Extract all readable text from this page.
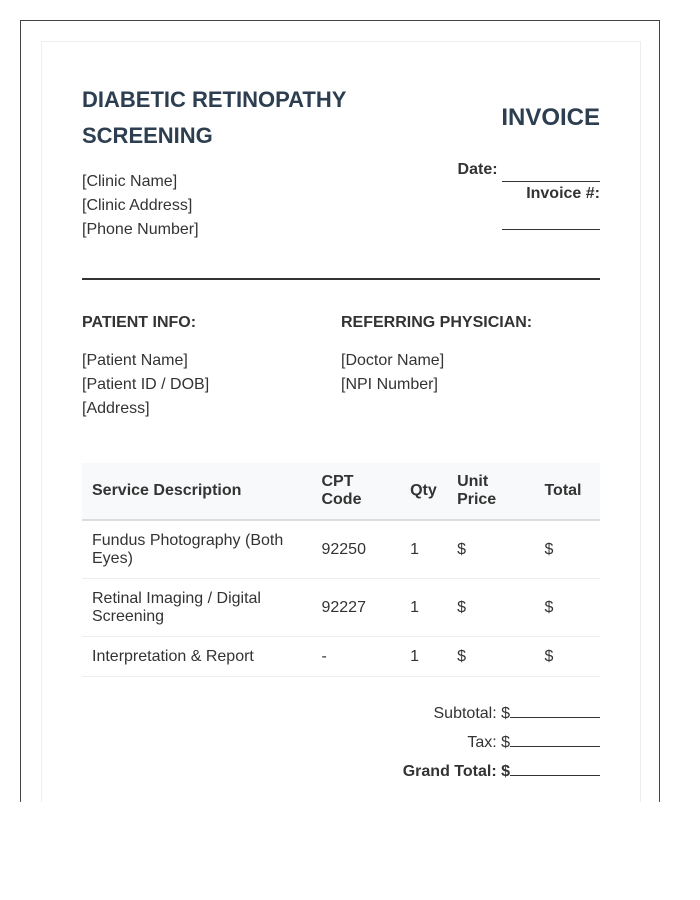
DIABETIC RETINOPATHY SCREENING
[Clinic Name]
[Clinic Address]
[Phone Number]
INVOICE
Date:
Invoice #:
PATIENT INFO:
[Patient Name]
[Patient ID / DOB]
[Address]
REFERRING PHYSICIAN:
[Doctor Name]
[NPI Number]
Service Description	CPT Code	Qty	Unit Price	Total
Fundus Photography (Both Eyes)	92250	1	$	$
Retinal Imaging / Digital Screening	92227	1	$	$
Interpretation & Report	-	1	$	$
Subtotal: $
Tax: $
Grand Total: $
